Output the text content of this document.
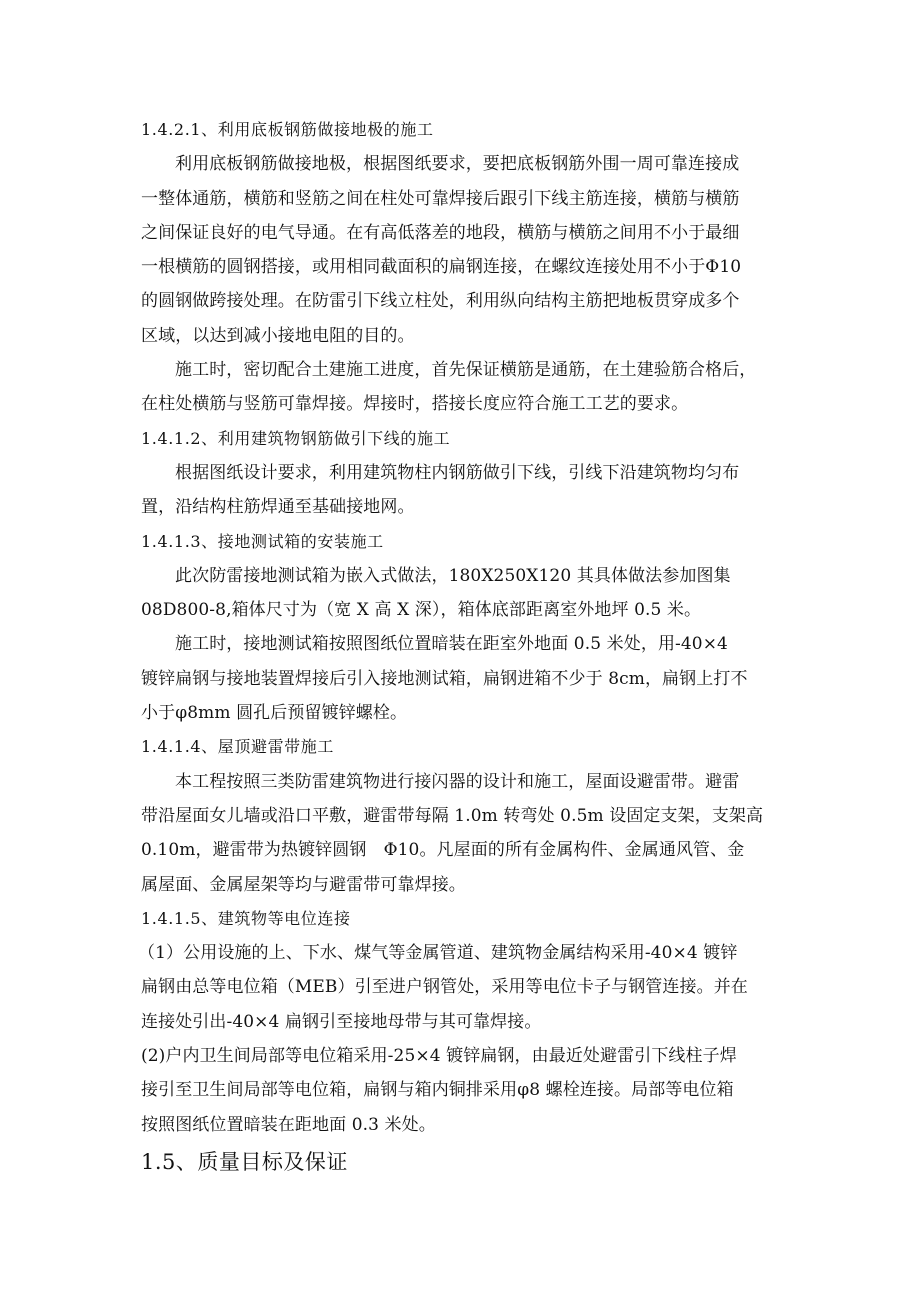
1.4.2.1、利用底板钢筋做接地极的施工
利用底板钢筋做接地极，根据图纸要求，要把底板钢筋外围一周可靠连接成
一整体通筋，横筋和竖筋之间在柱处可靠焊接后跟引下线主筋连接，横筋与横筋
之间保证良好的电气导通。在有高低落差的地段，横筋与横筋之间用不小于最细
一根横筋的圆钢搭接，或用相同截面积的扁钢连接，在螺纹连接处用不小于Φ10
的圆钢做跨接处理。在防雷引下线立柱处，利用纵向结构主筋把地板贯穿成多个
区域，以达到减小接地电阻的目的。
施工时，密切配合土建施工进度，首先保证横筋是通筋，在土建验筋合格后，
在柱处横筋与竖筋可靠焊接。焊接时，搭接长度应符合施工工艺的要求。
1.4.1.2、利用建筑物钢筋做引下线的施工
根据图纸设计要求，利用建筑物柱内钢筋做引下线，引线下沿建筑物均匀布
置，沿结构柱筋焊通至基础接地网。
1.4.1.3、接地测试箱的安装施工
此次防雷接地测试箱为嵌入式做法，180X250X120 其具体做法参加图集
08D800-8,箱体尺寸为（宽 X 高 X 深），箱体底部距离室外地坪 0.5 米。
施工时，接地测试箱按照图纸位置暗装在距室外地面 0.5 米处，用-40×4
镀锌扁钢与接地装置焊接后引入接地测试箱，扁钢进箱不少于 8cm，扁钢上打不
小于φ8mm 圆孔后预留镀锌螺栓。
1.4.1.4、屋顶避雷带施工
本工程按照三类防雷建筑物进行接闪器的设计和施工，屋面设避雷带。避雷
带沿屋面女儿墙或沿口平敷，避雷带每隔 1.0m 转弯处 0.5m 设固定支架，支架高
0.10m，避雷带为热镀锌圆钢　Φ10。凡屋面的所有金属构件、金属通风管、金
属屋面、金属屋架等均与避雷带可靠焊接。
1.4.1.5、建筑物等电位连接
（1）公用设施的上、下水、煤气等金属管道、建筑物金属结构采用-40×4 镀锌
扁钢由总等电位箱（MEB）引至进户钢管处，采用等电位卡子与钢管连接。并在
连接处引出-40×4 扁钢引至接地母带与其可靠焊接。
(2)户内卫生间局部等电位箱采用-25×4 镀锌扁钢，由最近处避雷引下线柱子焊
接引至卫生间局部等电位箱，扁钢与箱内铜排采用φ8 螺栓连接。局部等电位箱
按照图纸位置暗装在距地面 0.3 米处。
1.5、质量目标及保证
